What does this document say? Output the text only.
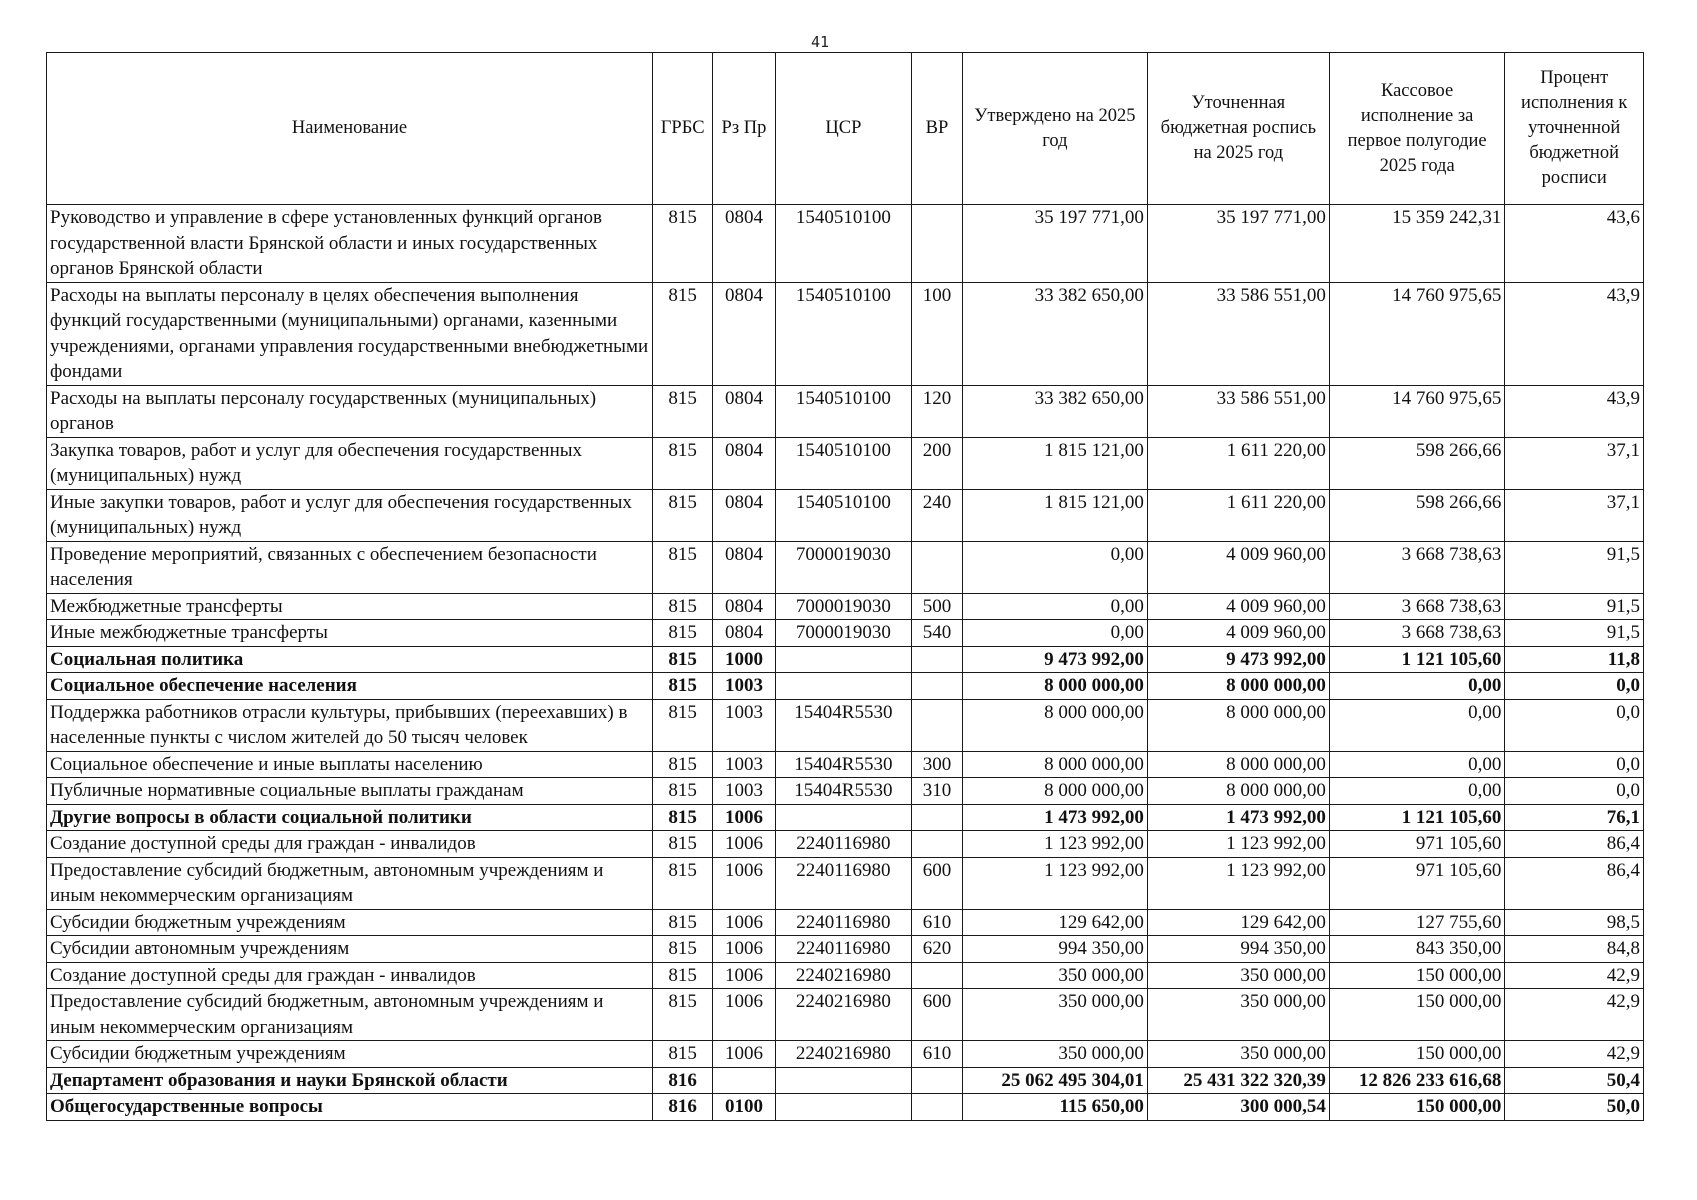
41
Наименование	ГРБС	Рз Пр	ЦСР	ВР	Утверждено на 2025 год	Уточненная бюджетная роспись на 2025 год	Кассовое исполнение за первое полугодие 2025 года	Процент исполнения к уточненной бюджетной росписи
Руководство и управление в сфере установленных функций органов государственной власти Брянской области и иных государственных органов Брянской области	815	0804	1540510100		35 197 771,00	35 197 771,00	15 359 242,31	43,6
Расходы на выплаты персоналу в целях обеспечения выполнения функций государственными (муниципальными) органами, казенными учреждениями, органами управления государственными внебюджетными фондами	815	0804	1540510100	100	33 382 650,00	33 586 551,00	14 760 975,65	43,9
Расходы на выплаты персоналу государственных (муниципальных) органов	815	0804	1540510100	120	33 382 650,00	33 586 551,00	14 760 975,65	43,9
Закупка товаров, работ и услуг для обеспечения государственных (муниципальных) нужд	815	0804	1540510100	200	1 815 121,00	1 611 220,00	598 266,66	37,1
Иные закупки товаров, работ и услуг для обеспечения государственных (муниципальных) нужд	815	0804	1540510100	240	1 815 121,00	1 611 220,00	598 266,66	37,1
Проведение мероприятий, связанных с обеспечением безопасности населения	815	0804	7000019030		0,00	4 009 960,00	3 668 738,63	91,5
Межбюджетные трансферты	815	0804	7000019030	500	0,00	4 009 960,00	3 668 738,63	91,5
Иные межбюджетные трансферты	815	0804	7000019030	540	0,00	4 009 960,00	3 668 738,63	91,5
Социальная политика	815	1000			9 473 992,00	9 473 992,00	1 121 105,60	11,8
Социальное обеспечение населения	815	1003			8 000 000,00	8 000 000,00	0,00	0,0
Поддержка работников отрасли культуры, прибывших (переехавших) в населенные пункты с числом жителей до 50 тысяч человек	815	1003	15404R5530		8 000 000,00	8 000 000,00	0,00	0,0
Социальное обеспечение и иные выплаты населению	815	1003	15404R5530	300	8 000 000,00	8 000 000,00	0,00	0,0
Публичные нормативные социальные выплаты гражданам	815	1003	15404R5530	310	8 000 000,00	8 000 000,00	0,00	0,0
Другие вопросы в области социальной политики	815	1006			1 473 992,00	1 473 992,00	1 121 105,60	76,1
Создание доступной среды для граждан - инвалидов	815	1006	2240116980		1 123 992,00	1 123 992,00	971 105,60	86,4
Предоставление субсидий бюджетным, автономным учреждениям и иным некоммерческим организациям	815	1006	2240116980	600	1 123 992,00	1 123 992,00	971 105,60	86,4
Субсидии бюджетным учреждениям	815	1006	2240116980	610	129 642,00	129 642,00	127 755,60	98,5
Субсидии автономным учреждениям	815	1006	2240116980	620	994 350,00	994 350,00	843 350,00	84,8
Создание доступной среды для граждан - инвалидов	815	1006	2240216980		350 000,00	350 000,00	150 000,00	42,9
Предоставление субсидий бюджетным, автономным учреждениям и иным некоммерческим организациям	815	1006	2240216980	600	350 000,00	350 000,00	150 000,00	42,9
Субсидии бюджетным учреждениям	815	1006	2240216980	610	350 000,00	350 000,00	150 000,00	42,9
Департамент образования и науки Брянской области	816				25 062 495 304,01	25 431 322 320,39	12 826 233 616,68	50,4
Общегосударственные вопросы	816	0100			115 650,00	300 000,54	150 000,00	50,0
